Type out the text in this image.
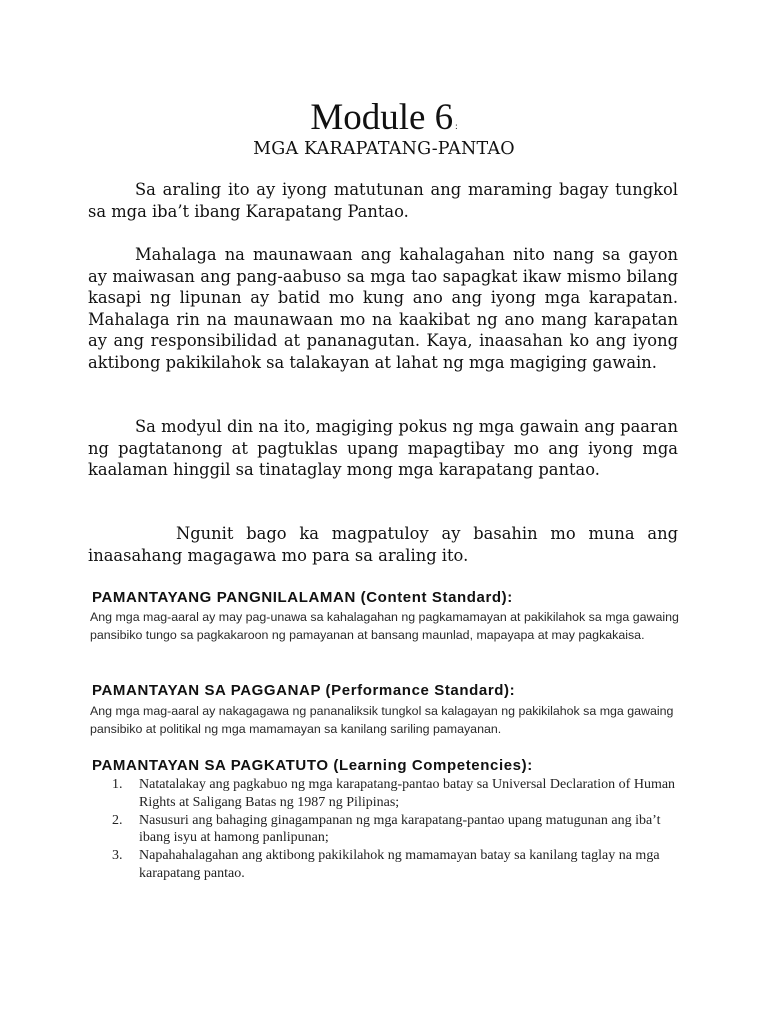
Module 6 :
MGA KARAPATANG-PANTAO

Sa araling ito ay iyong matutunan ang maraming bagay tungkol sa mga iba’t ibang Karapatang Pantao.

Mahalaga na maunawaan ang kahalagahan nito nang sa gayon ay maiwasan ang pang-aabuso sa mga tao sapagkat ikaw mismo bilang kasapi ng lipunan ay batid mo kung ano ang iyong mga karapatan. Mahalaga rin na maunawaan mo na kaakibat ng ano mang karapatan ay ang responsibilidad at pananagutan. Kaya, inaasahan ko ang iyong aktibong pakikilahok sa talakayan at lahat ng mga magiging gawain.

Sa modyul din na ito, magiging pokus ng mga gawain ang paaran ng pagtatanong at pagtuklas upang mapagtibay mo ang iyong mga kaalaman hinggil sa tinataglay mong mga karapatang pantao.

Ngunit bago ka magpatuloy ay basahin mo muna ang inaasahang magagawa mo para sa araling ito.

PAMANTAYANG PANGNILALAMAN (Content Standard):

Ang mga mag-aaral ay may pag-unawa sa kahalagahan ng pagkamamayan at pakikilahok sa mga gawaing pansibiko tungo sa pagkakaroon ng pamayanan at bansang maunlad, mapayapa at may pagkakaisa.

PAMANTAYAN SA PAGGANAP (Performance Standard):

Ang mga mag-aaral ay nakagagawa ng pananaliksik tungkol sa kalagayan ng pakikilahok sa mga gawaing pansibiko at politikal ng mga mamamayan sa kanilang sariling pamayanan.

PAMANTAYAN SA PAGKATUTO (Learning Competencies):
1. Natatalakay ang pagkabuo ng mga karapatang-pantao batay sa Universal Declaration of Human Rights at Saligang Batas ng 1987 ng Pilipinas;
2. Nasusuri ang bahaging ginagampanan ng mga karapatang-pantao upang matugunan ang iba’t ibang isyu at hamong panlipunan;
3. Napahahalagahan ang aktibong pakikilahok ng mamamayan batay sa kanilang taglay na mga karapatang pantao.
